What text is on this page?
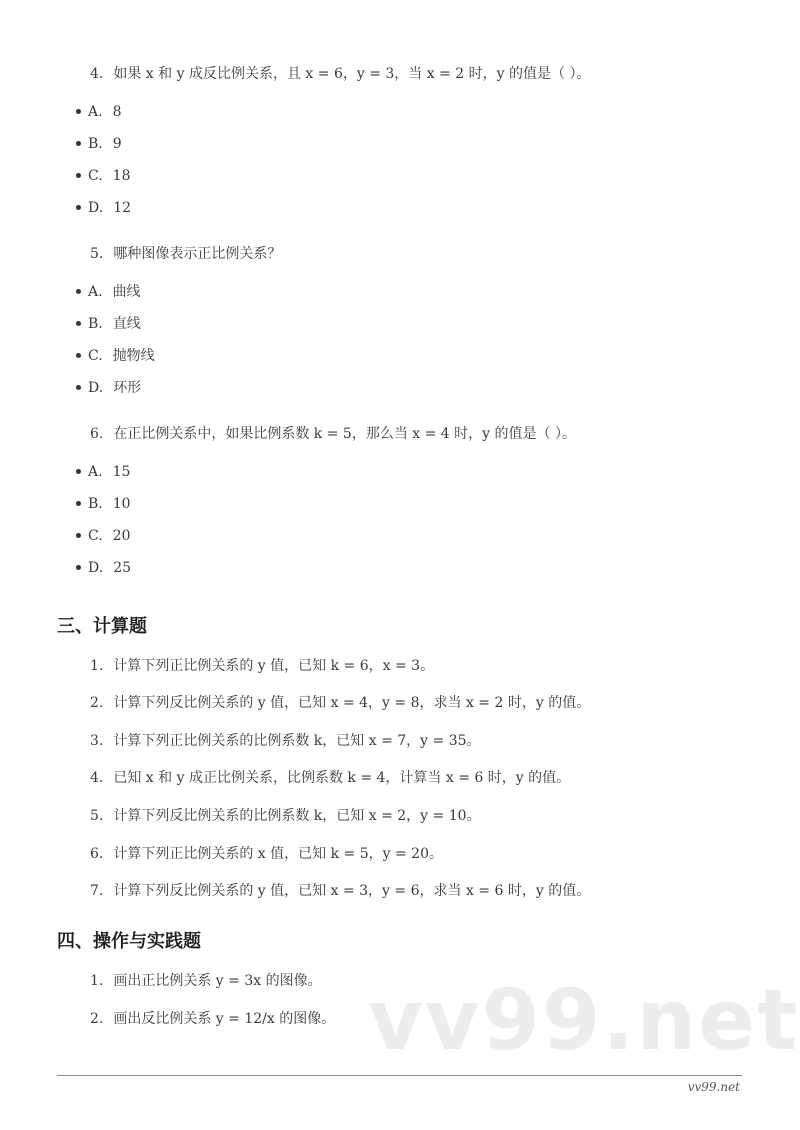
vv99.net
4. 如果 x 和 y 成反比例关系，且 x = 6，y = 3，当 x = 2 时，y 的值是（ ）。
A. 8
B. 9
C. 18
D. 12
5. 哪种图像表示正比例关系？
A. 曲线
B. 直线
C. 抛物线
D. 环形
6. 在正比例关系中，如果比例系数 k = 5，那么当 x = 4 时，y 的值是（ ）。
A. 15
B. 10
C. 20
D. 25
三、计算题
1. 计算下列正比例关系的 y 值，已知 k = 6，x = 3。
2. 计算下列反比例关系的 y 值，已知 x = 4，y = 8，求当 x = 2 时，y 的值。
3. 计算下列正比例关系的比例系数 k，已知 x = 7，y = 35。
4. 已知 x 和 y 成正比例关系，比例系数 k = 4，计算当 x = 6 时，y 的值。
5. 计算下列反比例关系的比例系数 k，已知 x = 2，y = 10。
6. 计算下列正比例关系的 x 值，已知 k = 5，y = 20。
7. 计算下列反比例关系的 y 值，已知 x = 3，y = 6，求当 x = 6 时，y 的值。
四、操作与实践题
1. 画出正比例关系 y = 3x 的图像。
2. 画出反比例关系 y = 12/x 的图像。
vv99.net
